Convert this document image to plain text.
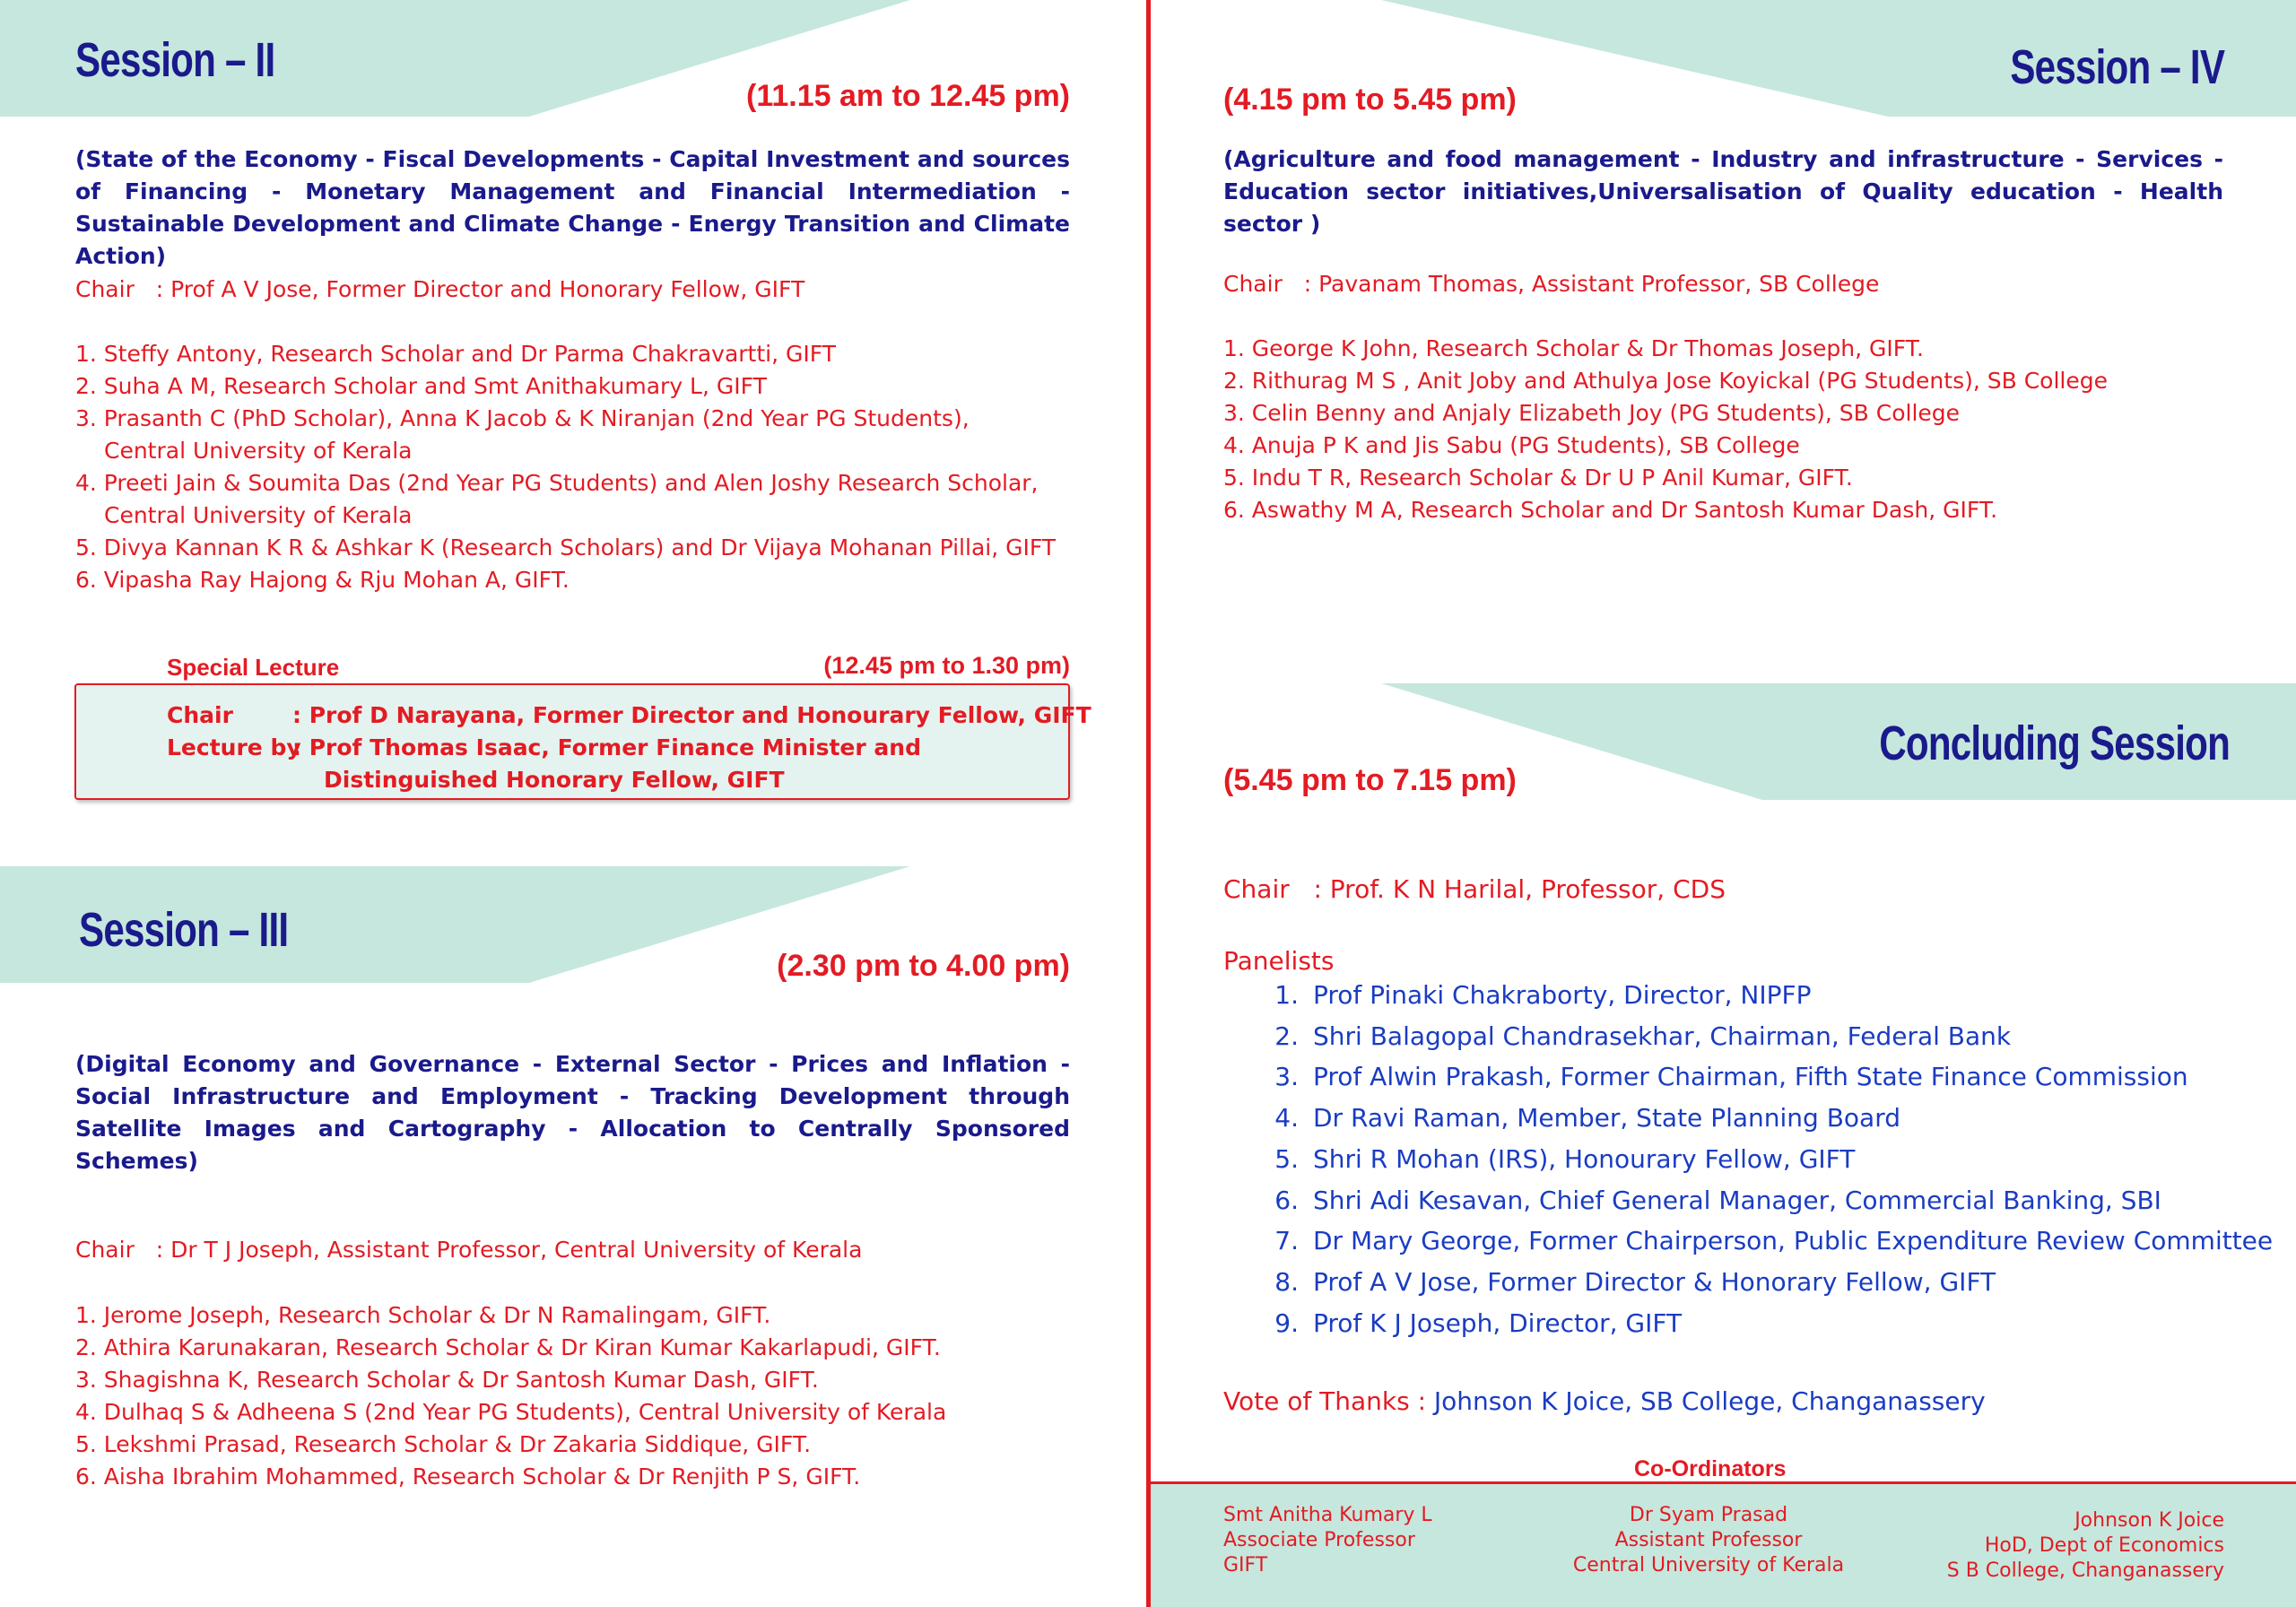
Session – II
(11.15 am to 12.45 pm)
(State of the Economy - Fiscal Developments - Capital Investment and sources of Financing - Monetary Management and Financial Intermediation - Sustainable Development and Climate Change - Energy Transition and Climate Action)
Chair : Prof A V Jose, Former Director and Honorary Fellow, GIFT
1. Steffy Antony, Research Scholar and Dr Parma Chakravartti, GIFT
2. Suha A M, Research Scholar and Smt Anithakumary L, GIFT
3. Prasanth C (PhD Scholar), Anna K Jacob & K Niranjan (2nd Year PG Students),
Central University of Kerala
4. Preeti Jain & Soumita Das (2nd Year PG Students) and Alen Joshy Research Scholar,
Central University of Kerala
5. Divya Kannan K R & Ashkar K (Research Scholars) and Dr Vijaya Mohanan Pillai, GIFT
6. Vipasha Ray Hajong & Rju Mohan A, GIFT.
Special Lecture	(12.45 pm to 1.30 pm)
Chair	: Prof D Narayana, Former Director and Honourary Fellow, GIFT
Lecture by: Prof Thomas Isaac, Former Finance Minister and
Distinguished Honorary Fellow, GIFT
Session – III
(2.30 pm to 4.00 pm)
(Digital Economy and Governance - External Sector - Prices and Inflation - Social Infrastructure and Employment - Tracking Development through Satellite Images and Cartography - Allocation to Centrally Sponsored Schemes)
Chair : Dr T J Joseph, Assistant Professor, Central University of Kerala
1. Jerome Joseph, Research Scholar & Dr N Ramalingam, GIFT.
2. Athira Karunakaran, Research Scholar & Dr Kiran Kumar Kakarlapudi, GIFT.
3. Shagishna K, Research Scholar & Dr Santosh Kumar Dash, GIFT.
4. Dulhaq S & Adheena S (2nd Year PG Students), Central University of Kerala
5. Lekshmi Prasad, Research Scholar & Dr Zakaria Siddique, GIFT.
6. Aisha Ibrahim Mohammed, Research Scholar & Dr Renjith P S, GIFT.
Session – IV
(4.15 pm to 5.45 pm)
(Agriculture and food management - Industry and infrastructure - Services - Education sector initiatives,Universalisation of Quality education - Health sector )
Chair : Pavanam Thomas, Assistant Professor, SB College
1. George K John, Research Scholar & Dr Thomas Joseph, GIFT.
2. Rithurag M S , Anit Joby and Athulya Jose Koyickal (PG Students), SB College
3. Celin Benny and Anjaly Elizabeth Joy (PG Students), SB College
4. Anuja P K and Jis Sabu (PG Students), SB College
5. Indu T R, Research Scholar & Dr U P Anil Kumar, GIFT.
6. Aswathy M A, Research Scholar and Dr Santosh Kumar Dash, GIFT.
Concluding Session
(5.45 pm to 7.15 pm)
Chair : Prof. K N Harilal, Professor, CDS
Panelists
1. Prof Pinaki Chakraborty, Director, NIPFP
2. Shri Balagopal Chandrasekhar, Chairman, Federal Bank
3. Prof Alwin Prakash, Former Chairman, Fifth State Finance Commission
4. Dr Ravi Raman, Member, State Planning Board
5. Shri R Mohan (IRS), Honourary Fellow, GIFT
6. Shri Adi Kesavan, Chief General Manager, Commercial Banking, SBI
7. Dr Mary George, Former Chairperson, Public Expenditure Review Committee
8. Prof A V Jose, Former Director & Honorary Fellow, GIFT
9. Prof K J Joseph, Director, GIFT
Vote of Thanks : Johnson K Joice, SB College, Changanassery
Co-Ordinators
Smt Anitha Kumary L
Associate Professor
GIFT
Dr Syam Prasad
Assistant Professor
Central University of Kerala
Johnson K Joice
HoD, Dept of Economics
S B College, Changanassery
